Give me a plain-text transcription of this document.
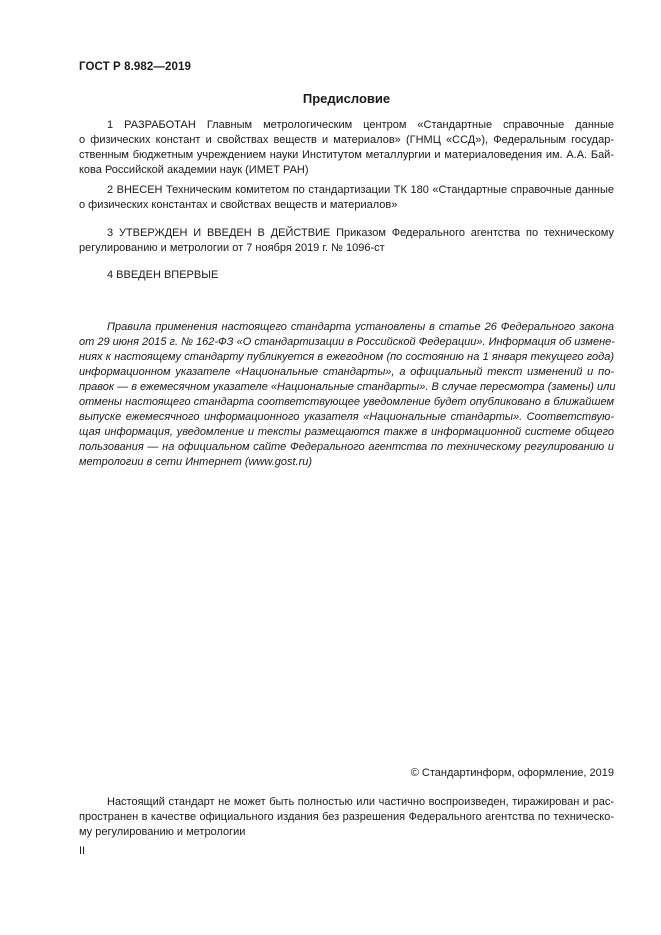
ГОСТ Р 8.982—2019
Предисловие
1 РАЗРАБОТАН Главным метрологическим центром «Стандартные справочные данные
о физических констант и свойствах веществ и материалов» (ГНМЦ «ССД»), Федеральным государ-
ственным бюджетным учреждением науки Институтом металлургии и материаловедения им. А.А. Бай-
кова Российской академии наук (ИМЕТ РАН)
2 ВНЕСЕН Техническим комитетом по стандартизации ТК 180 «Стандартные справочные данные
о физических константах и свойствах веществ и материалов»
3 УТВЕРЖДЕН И ВВЕДЕН В ДЕЙСТВИЕ Приказом Федерального агентства по техническому
регулированию и метрологии от 7 ноября 2019 г. № 1096-ст
4 ВВЕДЕН ВПЕРВЫЕ
Правила применения настоящего стандарта установлены в статье 26 Федерального закона
от 29 июня 2015 г. № 162-ФЗ «О стандартизации в Российской Федерации». Информация об измене-
ниях к настоящему стандарту публикуется в ежегодном (по состоянию на 1 января текущего года)
информационном указателе «Национальные стандарты», а официальный текст изменений и по-
правок — в ежемесячном указателе «Национальные стандарты». В случае пересмотра (замены) или
отмены настоящего стандарта соответствующее уведомление будет опубликовано в ближайшем
выпуске ежемесячного информационного указателя «Национальные стандарты». Соответствую-
щая информация, уведомление и тексты размещаются также в информационной системе общего
пользования — на официальном сайте Федерального агентства по техническому регулированию и
метрологии в сети Интернет (www.gost.ru)
© Стандартинформ, оформление, 2019
Настоящий стандарт не может быть полностью или частично воспроизведен, тиражирован и рас-
пространен в качестве официального издания без разрешения Федерального агентства по техническо-
му регулированию и метрологии
II
